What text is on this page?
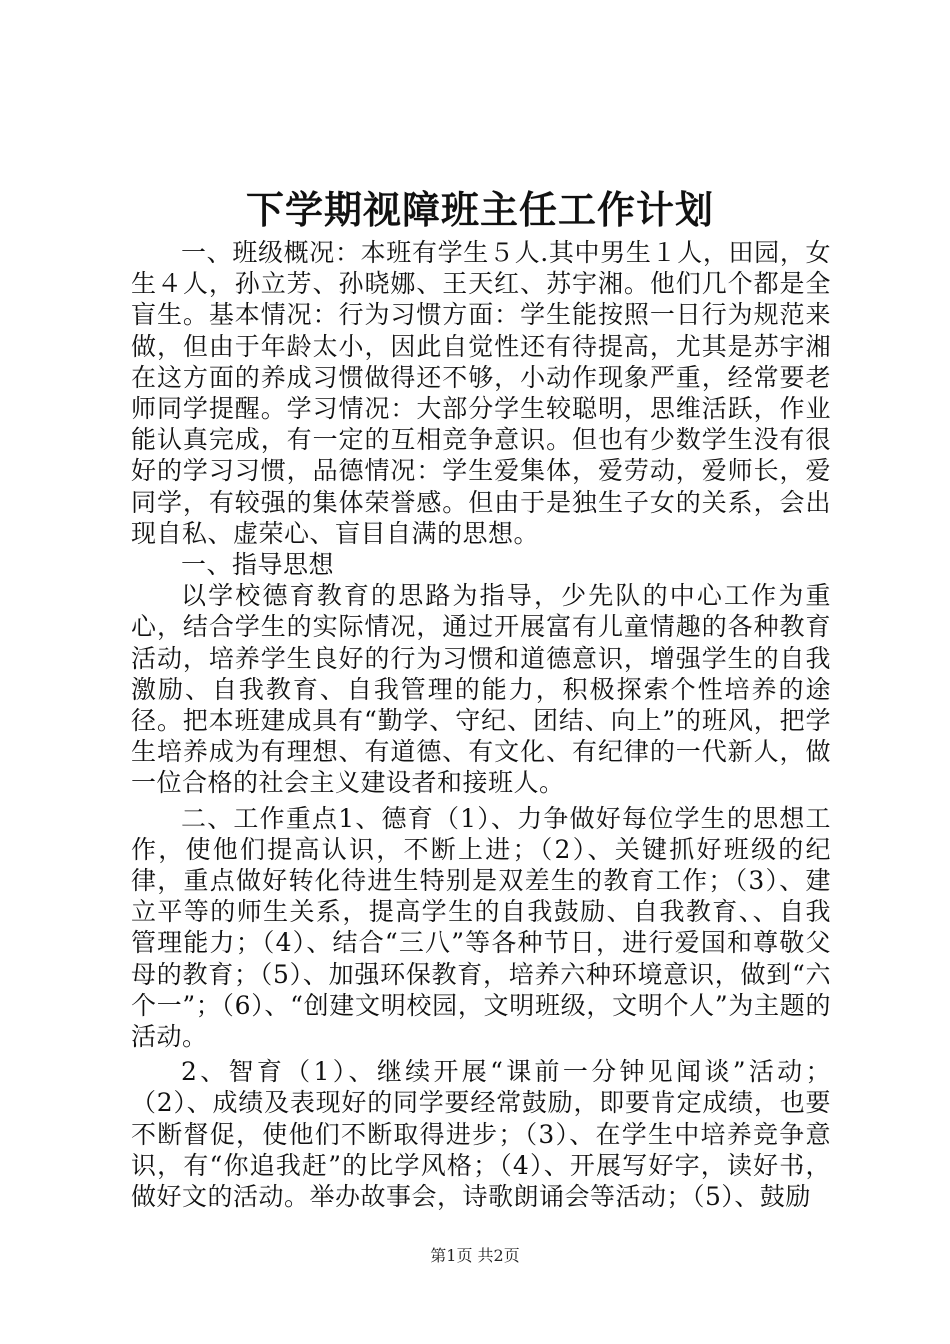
下学期视障班主任工作计划

一、班级概况：本班有学生５人.其中男生１人，田园，女生４人，孙立芳、孙晓娜、王天红、苏宇湘。他们几个都是全盲生。基本情况：行为习惯方面：学生能按照一日行为规范来做，但由于年龄太小，因此自觉性还有待提高，尤其是苏宇湘在这方面的养成习惯做得还不够，小动作现象严重，经常要老师同学提醒。学习情况：大部分学生较聪明，思维活跃，作业能认真完成，有一定的互相竞争意识。但也有少数学生没有很好的学习习惯，品德情况：学生爱集体，爱劳动，爱师长，爱同学，有较强的集体荣誉感。但由于是独生子女的关系，会出现自私、虚荣心、盲目自满的思想。

一、指导思想

以学校德育教育的思路为指导，少先队的中心工作为重心，结合学生的实际情况，通过开展富有儿童情趣的各种教育活动，培养学生良好的行为习惯和道德意识，增强学生的自我激励、自我教育、自我管理的能力，积极探索个性培养的途径。把本班建成具有“勤学、守纪、团结、向上”的班风，把学生培养成为有理想、有道德、有文化、有纪律的一代新人，做一位合格的社会主义建设者和接班人。

二、工作重点1、德育（1）、力争做好每位学生的思想工作，使他们提高认识，不断上进；（2）、关键抓好班级的纪律，重点做好转化待进生特别是双差生的教育工作；（3）、建立平等的师生关系，提高学生的自我鼓励、自我教育、、自我管理能力；（4）、结合“三八”等各种节日，进行爱国和尊敬父母的教育；（5）、加强环保教育，培养六种环境意识，做到“六个一”；（6）、“创建文明校园，文明班级，文明个人”为主题的活动。

2、智育（1）、继续开展“课前一分钟见闻谈”活动；（2）、成绩及表现好的同学要经常鼓励，即要肯定成绩，也要不断督促，使他们不断取得进步；（3）、在学生中培养竞争意识，有“你追我赶”的比学风格；（4）、开展写好字，读好书，做好文的活动。举办故事会，诗歌朗诵会等活动；（5）、鼓励

第1页 共2页
